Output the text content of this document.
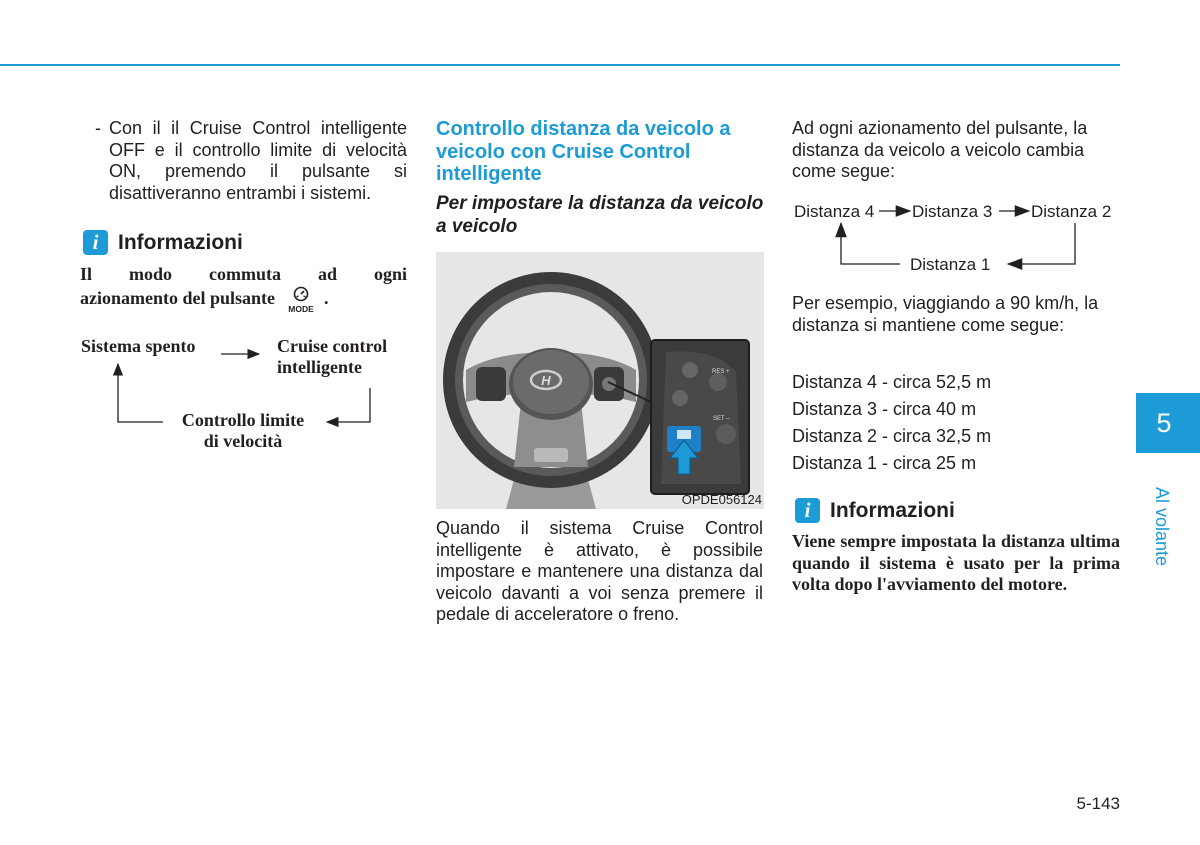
- Con il il Cruise Control intelligente OFF e il controllo limite di velocità ON, premendo il pulsante si disattiveranno entrambi i sistemi.
i Informazioni
Il modo commuta ad ogni
azionamento del pulsante
MODE
.
Sistema spento	Cruise control
intelligente
Controllo limite
di velocità
Controllo distanza da veicolo a veicolo con Cruise Control intelligente
Per impostare la distanza da veicolo a veicolo
H
RES +
SET –
OPDE056124
Quando il sistema Cruise Control intelligente è attivato, è possibile impostare e mantenere una distanza dal veicolo davanti a voi senza premere il pedale di acceleratore o freno.
Ad ogni azionamento del pulsante, la distanza da veicolo a veicolo cambia come segue:
Distanza 4 Distanza 3 Distanza 2
Distanza 1
Per esempio, viaggiando a 90 km/h, la distanza si mantiene come segue:
Distanza 4 - circa 52,5 m
Distanza 3 - circa 40 m
Distanza 2 - circa 32,5 m
Distanza 1 - circa 25 m
i Informazioni
Viene sempre impostata la distanza ultima quando il sistema è usato per la prima volta dopo l'avviamento del motore.
5
Al volante
5-143
